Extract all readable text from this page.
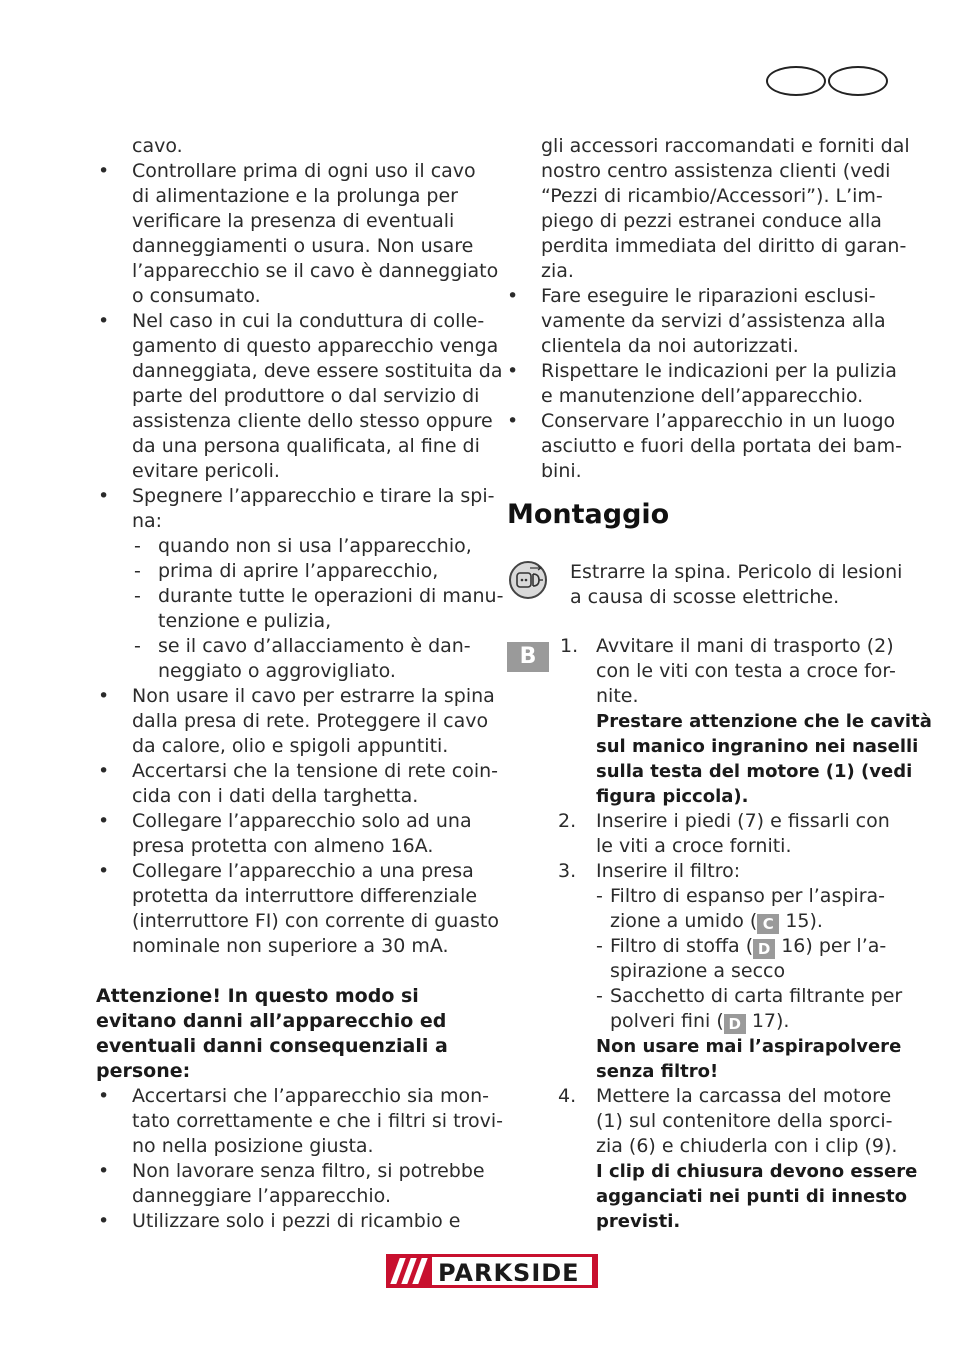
cavo.
• Controllare prima di ogni uso il cavo
di alimentazione e la prolunga per
verificare la presenza di eventuali
danneggiamenti o usura. Non usare
l’apparecchio se il cavo è danneggiato
o consumato.
• Nel caso in cui la conduttura di colle-
gamento di questo apparecchio venga
danneggiata, deve essere sostituita da
parte del produttore o dal servizio di
assistenza cliente dello stesso oppure
da una persona qualificata, al fine di
evitare pericoli.
• Spegnere l’apparecchio e tirare la spi-
na:
- quando non si usa l’apparecchio,
- prima di aprire l’apparecchio,
- durante tutte le operazioni di manu-
tenzione e pulizia,
- se il cavo d’allacciamento è dan-
neggiato o aggrovigliato.
• Non usare il cavo per estrarre la spina
dalla presa di rete. Proteggere il cavo
da calore, olio e spigoli appuntiti.
• Accertarsi che la tensione di rete coin-
cida con i dati della targhetta.
• Collegare l’apparecchio solo ad una
presa protetta con almeno 16A.
• Collegare l’apparecchio a una presa
protetta da interruttore differenziale
(interruttore FI) con corrente di guasto
nominale non superiore a 30 mA.
Attenzione! In questo modo si
evitano danni all’apparecchio ed
eventuali danni consequenziali a
persone:
• Accertarsi che l’apparecchio sia mon-
tato correttamente e che i filtri si trovi-
no nella posizione giusta.
• Non lavorare senza filtro, si potrebbe
danneggiare l’apparecchio.
• Utilizzare solo i pezzi di ricambio e
gli accessori raccomandati e forniti dal
nostro centro assistenza clienti (vedi
“Pezzi di ricambio/Accessori”). L’im-
piego di pezzi estranei conduce alla
perdita immediata del diritto di garan-
zia.
• Fare eseguire le riparazioni esclusi-
vamente da servizi d’assistenza alla
clientela da noi autorizzati.
• Rispettare le indicazioni per la pulizia
e manutenzione dell’apparecchio.
• Conservare l’apparecchio in un luogo
asciutto e fuori della portata dei bam-
bini.
Montaggio
Estrarre la spina. Pericolo di lesioni
a causa di scosse elettriche.
B	1. Avvitare il mani di trasporto (2)
con le viti con testa a croce for-
nite.
Prestare attenzione che le cavità
sul manico ingranino nei naselli
sulla testa del motore (1) (vedi
figura piccola).
2. Inserire i piedi (7) e fissarli con
le viti a croce forniti.
3. Inserire il filtro:
- Filtro di espanso per l’aspira-
zione a umido ( C 15).
- Filtro di stoffa ( D 16) per l’a-
spirazione a secco
- Sacchetto di carta filtrante per
polveri fini ( D 17).
Non usare mai l’aspirapolvere
senza filtro!
4. Mettere la carcassa del motore
(1) sul contenitore della sporci-
zia (6) e chiuderla con i clip (9).
I clip di chiusura devono essere
agganciati nei punti di innesto
previsti.
PARKSIDE
